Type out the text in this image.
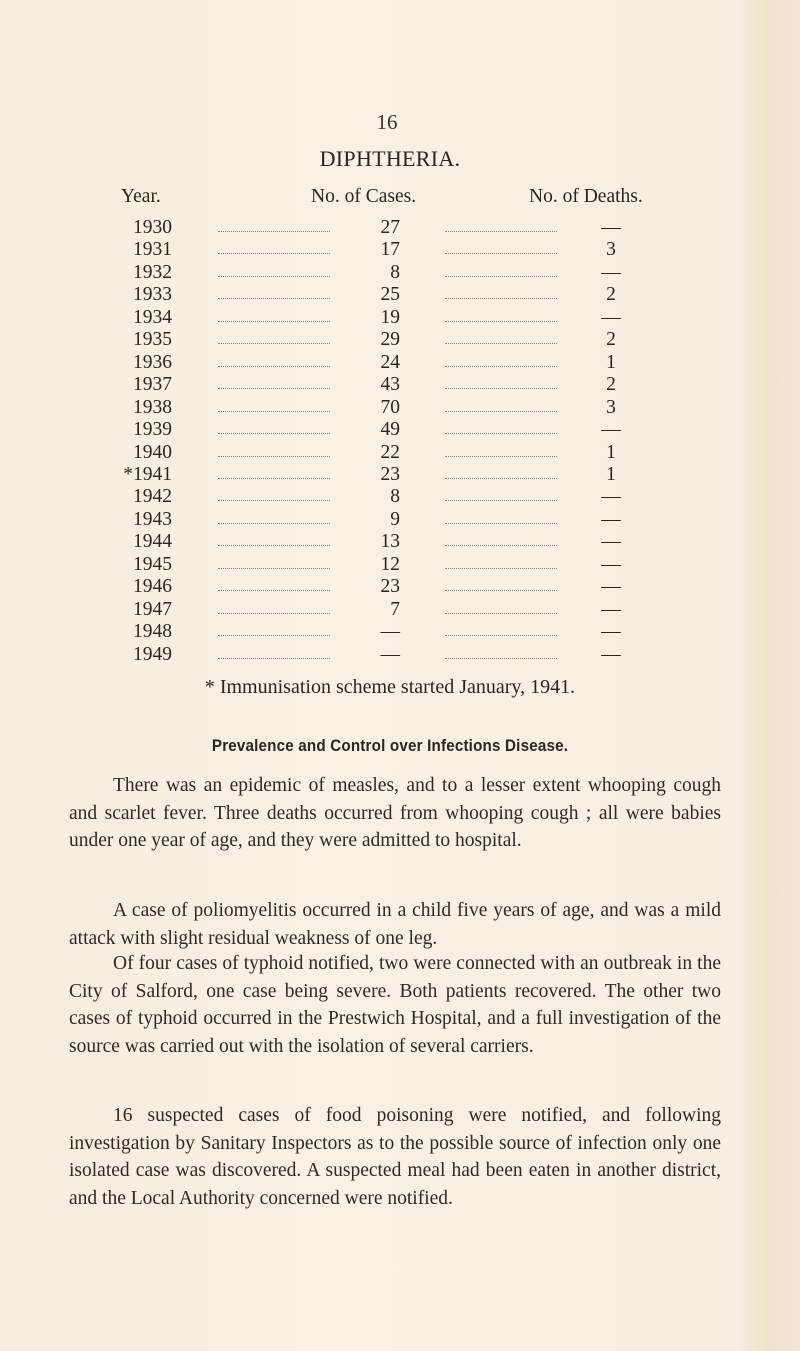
16
DIPHTHERIA.
Year.	No. of Cases.	No. of Deaths.
1930	27	—
1931	17	3
1932	8	—
1933	25	2
1934	19	—
1935	29	2
1936	24	1
1937	43	2
1938	70	3
1939	49	—
1940	22	1
*1941	23	1
1942	8	—
1943	9	—
1944	13	—
1945	12	—
1946	23	—
1947	7	—
1948	—	—
1949	—	—
* Immunisation scheme started January, 1941.
Prevalence and Control over Infections Disease.

There was an epidemic of measles, and to a lesser extent whooping cough and scarlet fever. Three deaths occurred from whooping cough ; all were babies under one year of age, and they were admitted to hospital.

A case of poliomyelitis occurred in a child five years of age, and was a mild attack with slight residual weakness of one leg.

Of four cases of typhoid notified, two were connected with an outbreak in the City of Salford, one case being severe. Both patients recovered. The other two cases of typhoid occurred in the Prestwich Hospital, and a full investigation of the source was carried out with the isolation of several carriers.

16 suspected cases of food poisoning were notified, and following investigation by Sanitary Inspectors as to the possible source of infection only one isolated case was discovered. A suspected meal had been eaten in another district, and the Local Authority concerned were notified.
